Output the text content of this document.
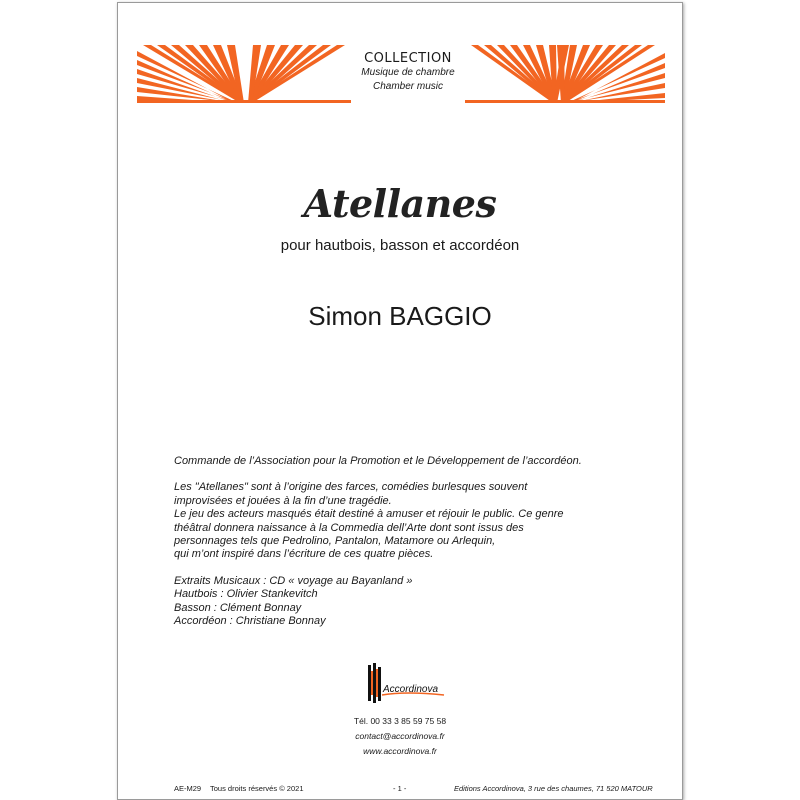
COLLECTION
Musique de chambre
Chamber music
Atellanes
pour hautbois, basson et accordéon
Simon BAGGIO

Commande de l’Association pour la Promotion et le Développement de l’accordéon.

Les "Atellanes" sont à l’origine des farces, comédies burlesques souvent
improvisées et jouées à la fin d’une tragédie.
Le jeu des acteurs masqués était destiné à amuser et réjouir le public. Ce genre
théâtral donnera naissance à la Commedia dell’Arte dont sont issus des
personnages tels que Pedrolino, Pantalon, Matamore ou Arlequin,
qui m’ont inspiré dans l’écriture de ces quatre pièces.

Extraits Musicaux : CD « voyage au Bayanland »
Hautbois : Olivier Stankevitch
Basson : Clément Bonnay
Accordéon : Christiane Bonnay

Accordinova
Tél. 00 33 3 85 59 75 58
contact@accordinova.fr
www.accordinova.fr
AE-M29 Tous droits réservés © 2021	- 1 -	Editions Accordinova, 3 rue des chaumes, 71 520 MATOUR
